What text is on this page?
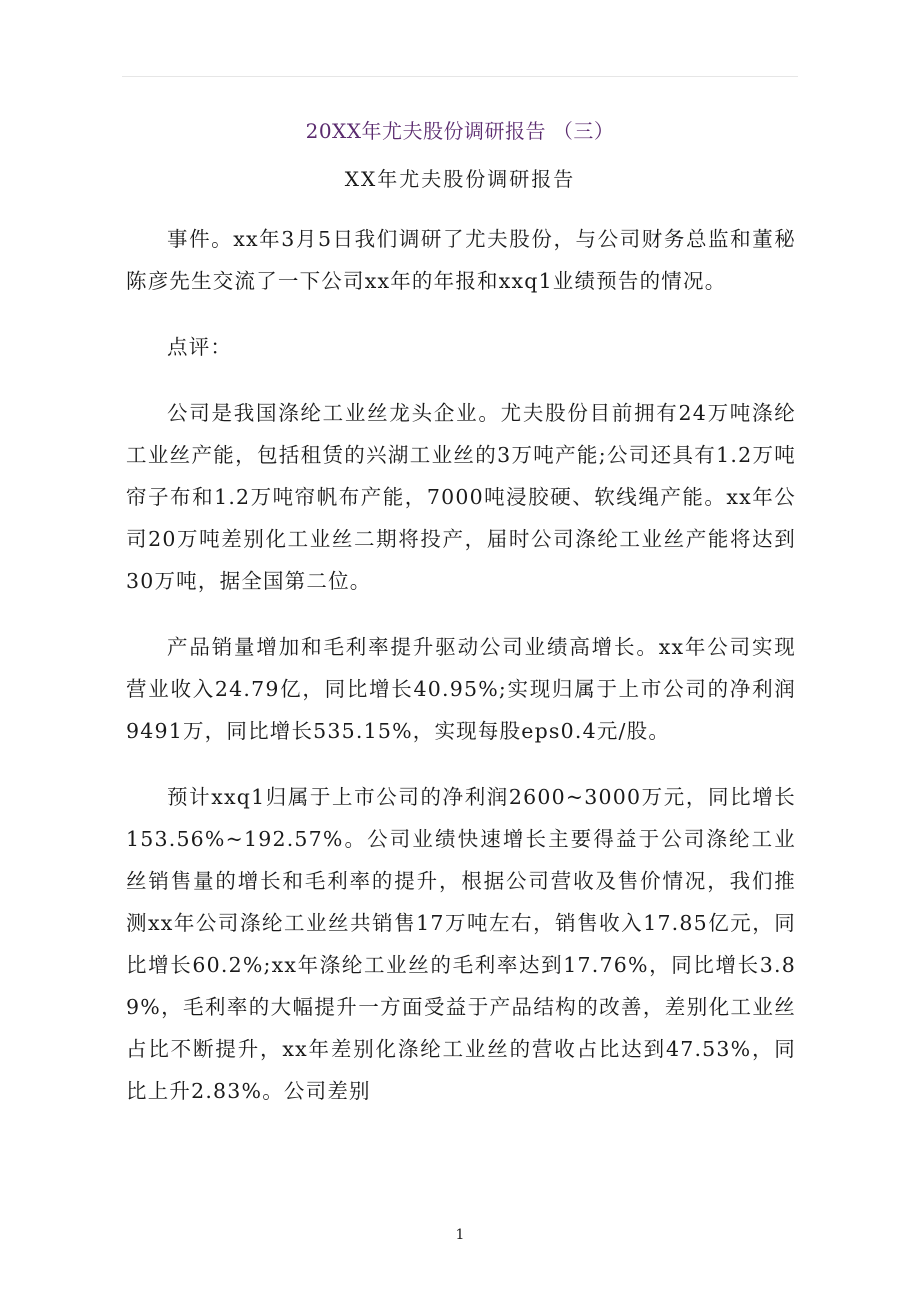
20XX年尤夫股份调研报告 （三）
XX年尤夫股份调研报告

事件。xx年3月5日我们调研了尤夫股份，与公司财务总监和董秘陈彦先生交流了一下公司xx年的年报和xxq1业绩预告的情况。

点评：

公司是我国涤纶工业丝龙头企业。尤夫股份目前拥有24万吨涤纶工业丝产能，包括租赁的兴湖工业丝的3万吨产能;公司还具有1.2万吨帘子布和1.2万吨帘帆布产能，7000吨浸胶硬、软线绳产能。xx年公司20万吨差别化工业丝二期将投产，届时公司涤纶工业丝产能将达到30万吨，据全国第二位。

产品销量增加和毛利率提升驱动公司业绩高增长。xx年公司实现营业收入24.79亿，同比增长40.95%;实现归属于上市公司的净利润9491万，同比增长535.15%，实现每股eps0.4元/股。

预计xxq1归属于上市公司的净利润2600~3000万元，同比增长153.56%~192.57%。公司业绩快速增长主要得益于公司涤纶工业丝销售量的增长和毛利率的提升，根据公司营收及售价情况，我们推测xx年公司涤纶工业丝共销售17万吨左右，销售收入17.85亿元，同比增长60.2%;xx年涤纶工业丝的毛利率达到17.76%，同比增长3.89%，毛利率的大幅提升一方面受益于产品结构的改善，差别化工业丝占比不断提升，xx年差别化涤纶工业丝的营收占比达到47.53%，同比上升2.83%。公司差别

1
